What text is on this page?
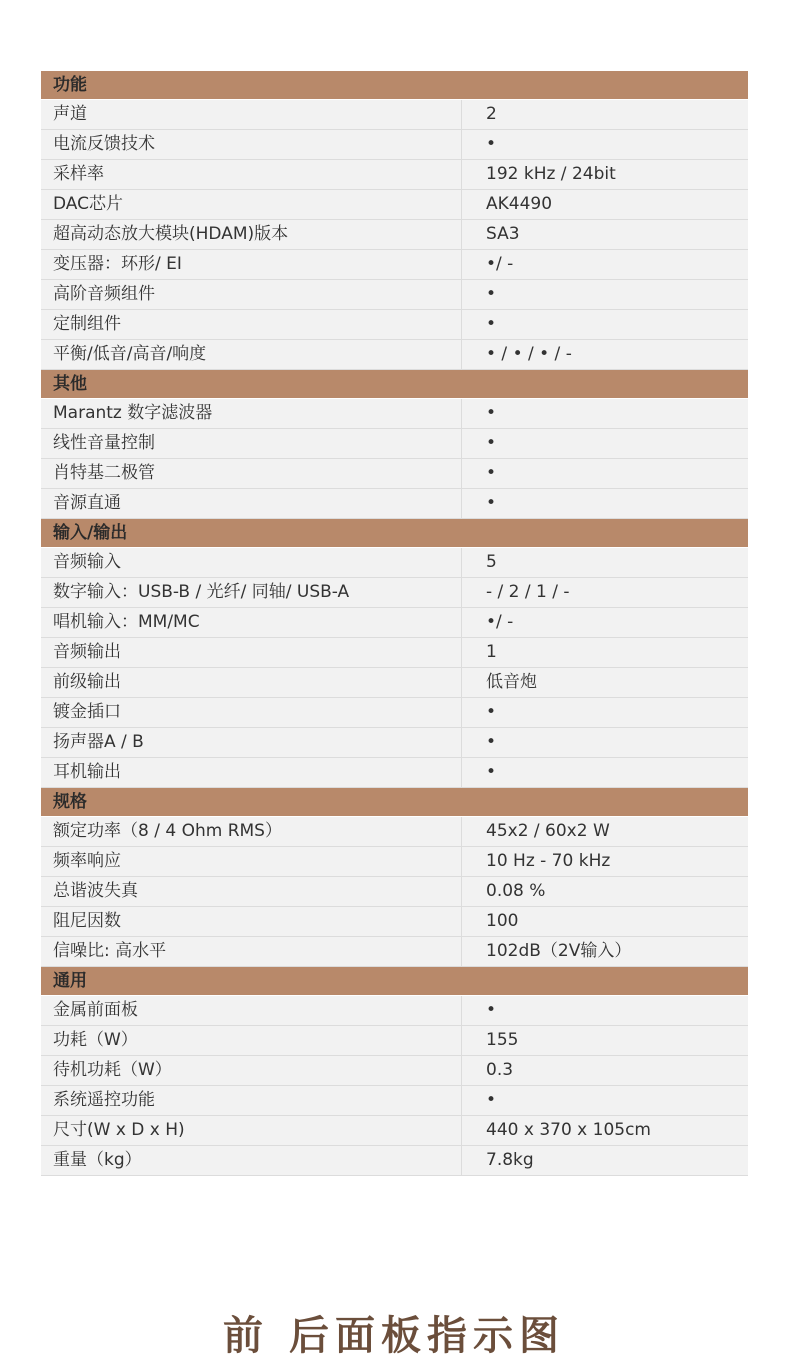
功能
声道	2
电流反馈技术	•
采样率	192 kHz / 24bit
DAC芯片	AK4490
超高动态放大模块(HDAM)版本	SA3
变压器：环形/ EI	•/ -
高阶音频组件	•
定制组件	•
平衡/低音/高音/响度	• / • / • / -
其他
Marantz 数字滤波器	•
线性音量控制	•
肖特基二极管	•
音源直通	•
输入/输出
音频输入	5
数字输入：USB-B / 光纤/ 同轴/ USB-A	- / 2 / 1 / -
唱机输入：MM/MC	•/ -
音频输出	1
前级输出	低音炮
镀金插口	•
扬声器A / B	•
耳机输出	•
规格
额定功率（8 / 4 Ohm RMS）	45x2 / 60x2 W
频率响应	10 Hz - 70 kHz
总谐波失真	0.08 %
阻尼因数	100
信噪比: 高水平	102dB（2V输入）
通用
金属前面板	•
功耗（W）	155
待机功耗（W）	0.3
系统遥控功能	•
尺寸(W x D x H)	440 x 370 x 105cm
重量（kg）	7.8kg
前 后面板指示图
